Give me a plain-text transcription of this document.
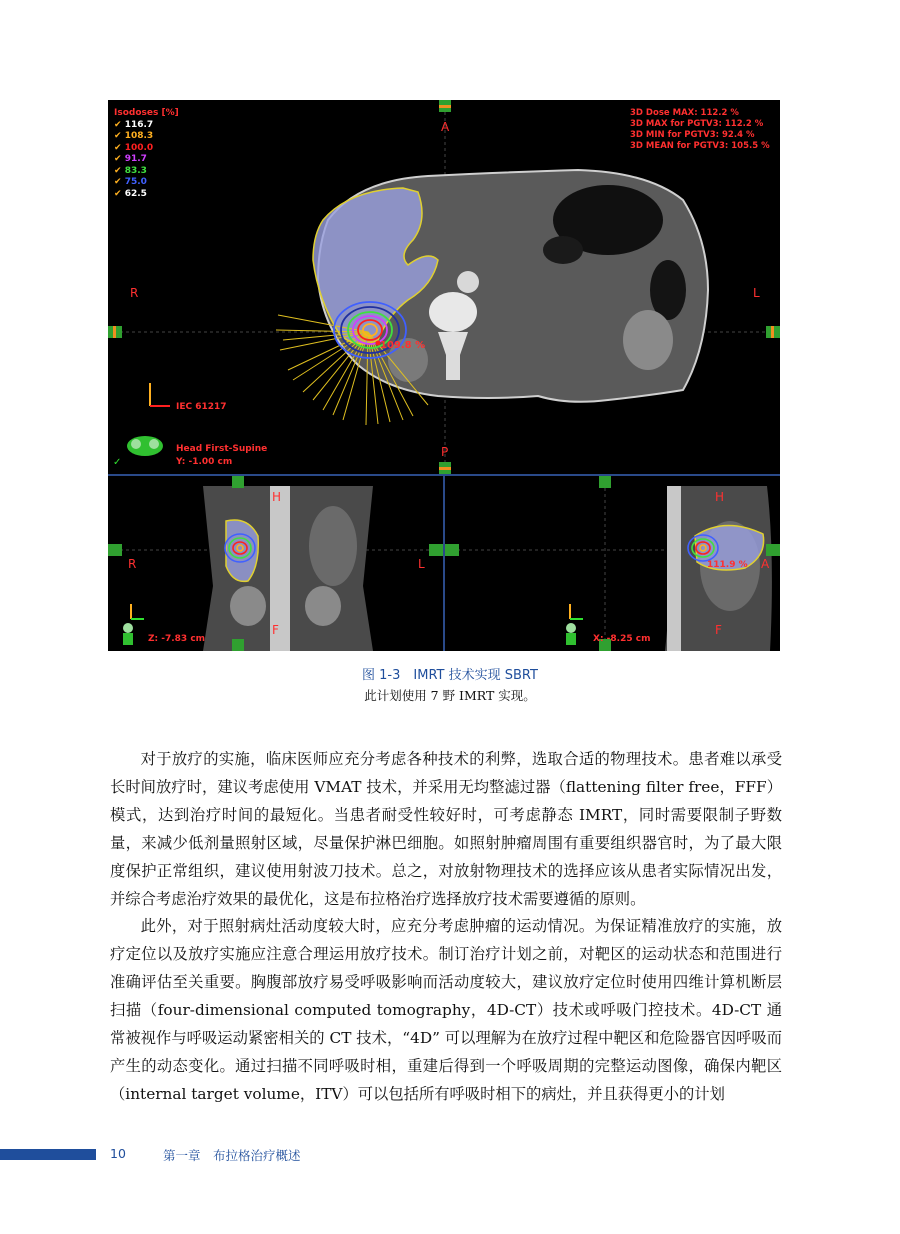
109.8 %
Isodoses [%]
✔ 116.7
✔ 108.3
✔ 100.0
✔ 91.7
✔ 83.3
✔ 75.0
✔ 62.5
3D Dose MAX: 112.2 %
3D MAX for PGTV3: 112.2 %
3D MIN for PGTV3: 92.4 %
3D MEAN for PGTV3: 105.5 %
A
P
R	L
IEC 61217
Head First-Supine
Y: -1.00 cm
✓
H
F
R	L
Z: -7.83 cm
111.9 %
H
F
A
X: -8.25 cm
图 1-3　IMRT 技术实现 SBRT
此计划使用 7 野 IMRT 实现。

对于放疗的实施，临床医师应充分考虑各种技术的利弊，选取合适的物理技术。患者难以承受长时间放疗时，建议考虑使用 VMAT 技术，并采用无均整滤过器（flattening filter free，FFF）模式，达到治疗时间的最短化。当患者耐受性较好时，可考虑静态 IMRT，同时需要限制子野数量，来减少低剂量照射区域，尽量保护淋巴细胞。如照射肿瘤周围有重要组织器官时，为了最大限度保护正常组织，建议使用射波刀技术。总之，对放射物理技术的选择应该从患者实际情况出发，并综合考虑治疗效果的最优化，这是布拉格治疗选择放疗技术需要遵循的原则。

此外，对于照射病灶活动度较大时，应充分考虑肿瘤的运动情况。为保证精准放疗的实施，放疗定位以及放疗实施应注意合理运用放疗技术。制订治疗计划之前，对靶区的运动状态和范围进行准确评估至关重要。胸腹部放疗易受呼吸影响而活动度较大，建议放疗定位时使用四维计算机断层扫描（four-dimensional computed tomography，4D-CT）技术或呼吸门控技术。4D-CT 通常被视作与呼吸运动紧密相关的 CT 技术，“4D” 可以理解为在放疗过程中靶区和危险器官因呼吸而产生的动态变化。通过扫描不同呼吸时相，重建后得到一个呼吸周期的完整运动图像，确保内靶区（internal target volume，ITV）可以包括所有呼吸时相下的病灶，并且获得更小的计划

10	第一章　布拉格治疗概述
